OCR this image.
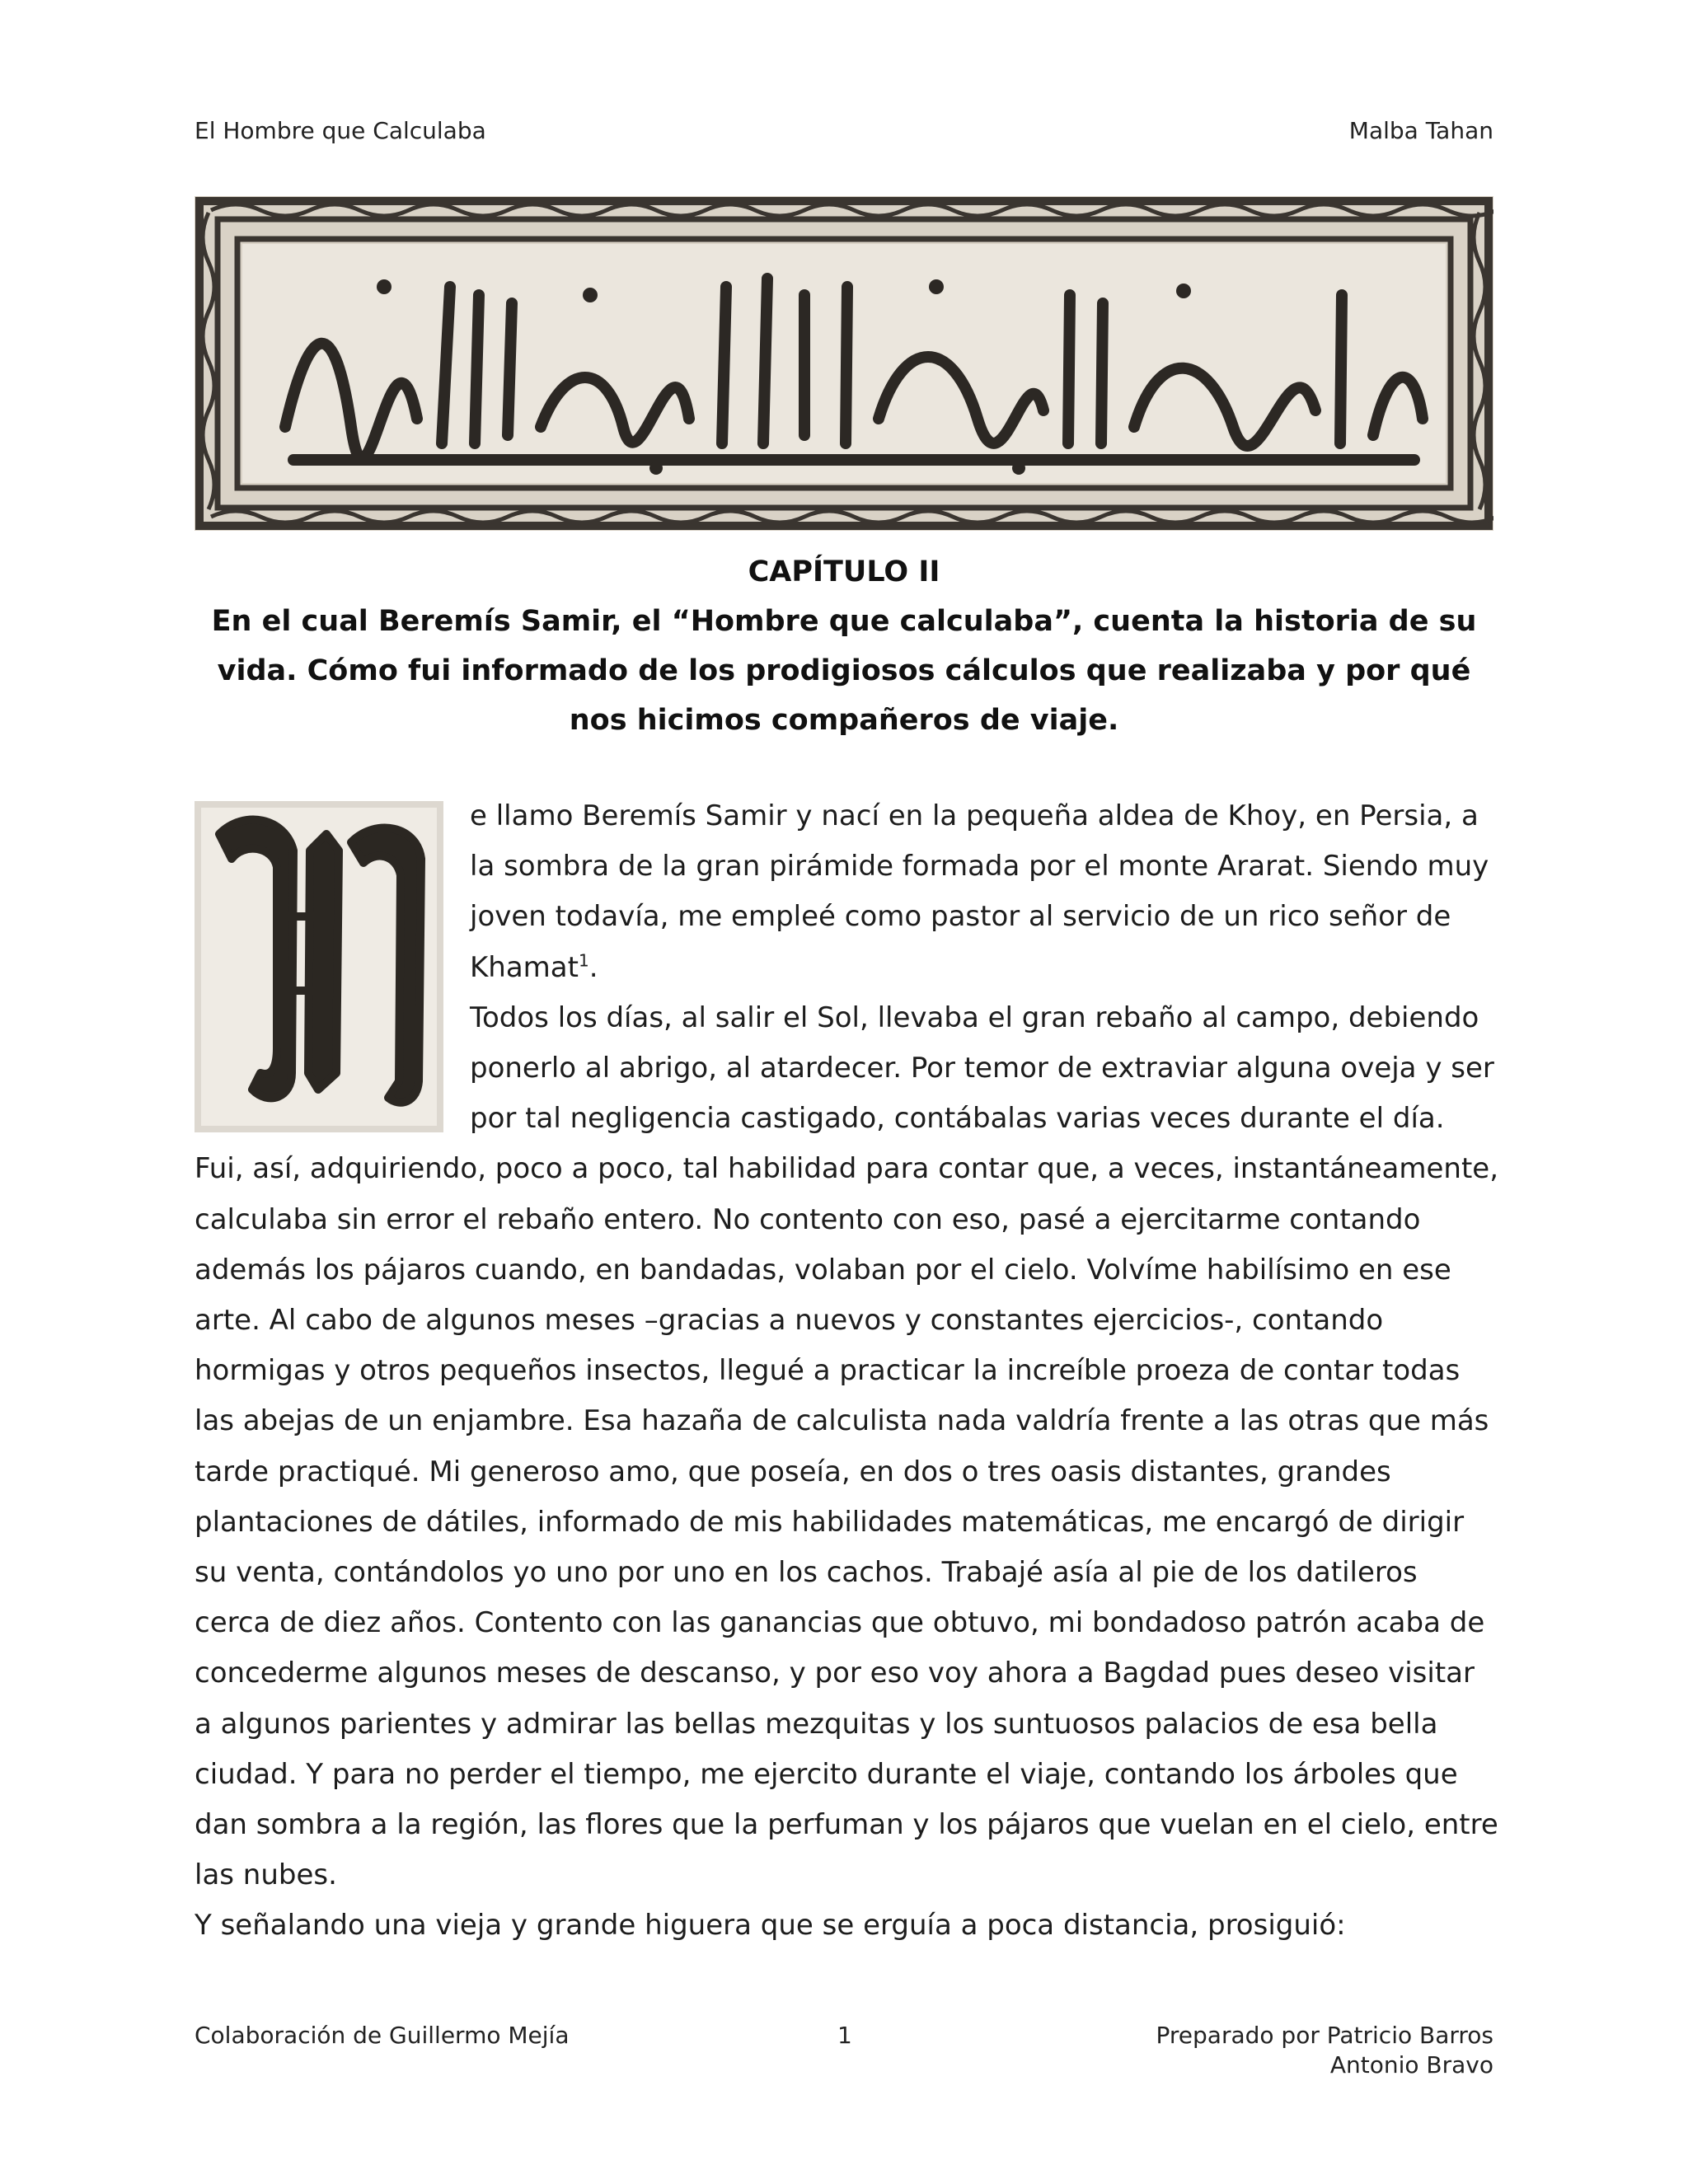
El Hombre que Calculaba	Malba Tahan
CAPÍTULO II
En el cual Beremís Samir, el “Hombre que calculaba”, cuenta la historia de su
vida. Cómo fui informado de los prodigiosos cálculos que realizaba y por qué
nos hicimos compañeros de viaje.

e llamo Beremís Samir y nací en la pequeña aldea de Khoy, en Persia, a la sombra de la gran pirámide formada por el monte Ararat. Siendo muy joven todavía, me empleé como pastor al servicio de un rico señor de Khamat$^1$.

Todos los días, al salir el Sol, llevaba el gran rebaño al campo, debiendo ponerlo al abrigo, al atardecer. Por temor de extraviar alguna oveja y ser por tal negligencia castigado, contábalas varias veces durante el día. Fui, así, adquiriendo, poco a poco, tal habilidad para contar que, a veces, instantáneamente, calculaba sin error el rebaño entero. No contento con eso, pasé a ejercitarme contando además los pájaros cuando, en bandadas, volaban por el cielo. Volvíme habilísimo en ese arte. Al cabo de algunos meses –gracias a nuevos y constantes ejercicios-, contando hormigas y otros pequeños insectos, llegué a practicar la increíble proeza de contar todas las abejas de un enjambre. Esa hazaña de calculista nada valdría frente a las otras que más tarde practiqué. Mi generoso amo, que poseía, en dos o tres oasis distantes, grandes plantaciones de dátiles, informado de mis habilidades matemáticas, me encargó de dirigir su venta, contándolos yo uno por uno en los cachos. Trabajé asía al pie de los datileros cerca de diez años. Contento con las ganancias que obtuvo, mi bondadoso patrón acaba de concederme algunos meses de descanso, y por eso voy ahora a Bagdad pues deseo visitar a algunos parientes y admirar las bellas mezquitas y los suntuosos palacios de esa bella ciudad. Y para no perder el tiempo, me ejercito durante el viaje, contando los árboles que dan sombra a la región, las flores que la perfuman y los pájaros que vuelan en el cielo, entre las nubes.

Y señalando una vieja y grande higuera que se erguía a poca distancia, prosiguió:

Colaboración de Guillermo Mejía	1	Preparado por Patricio Barros
Antonio Bravo
